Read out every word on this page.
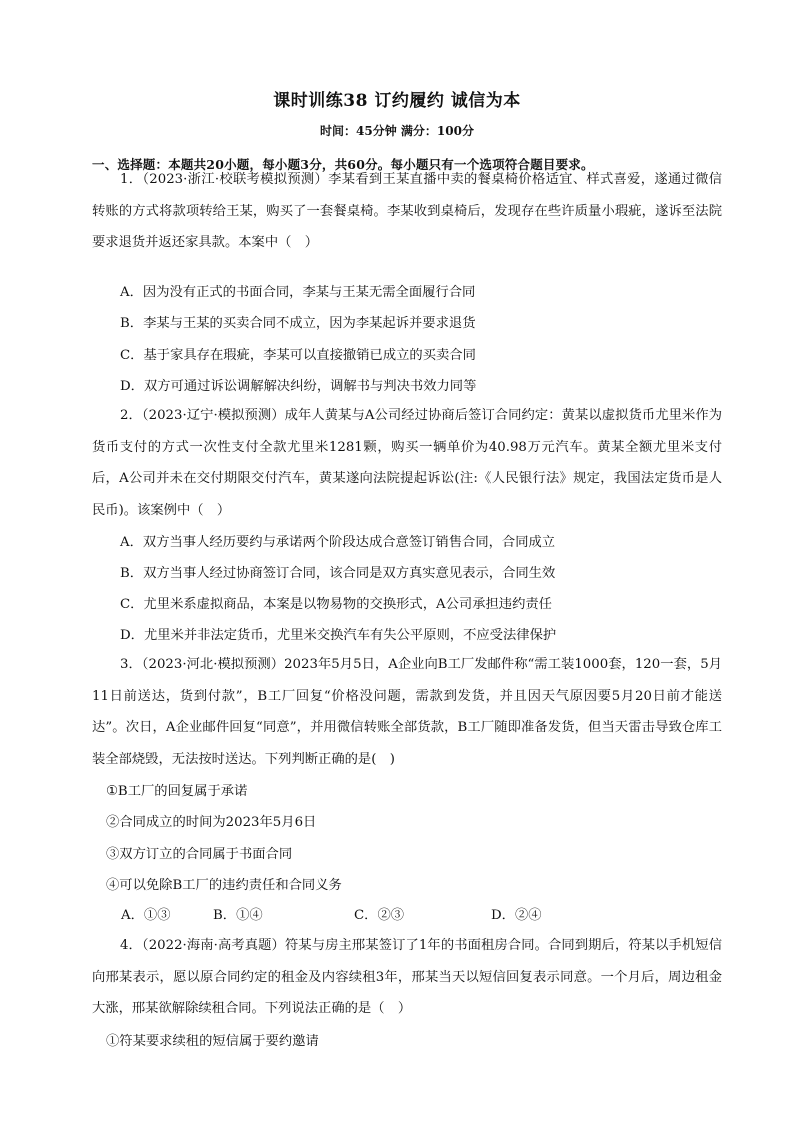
课时训练38 订约履约 诚信为本
时间：45分钟 满分：100分
一、选择题：本题共20小题，每小题3分，共60分。每小题只有一个选项符合题目要求。
1．（2023·浙江·校联考模拟预测）李某看到王某直播中卖的餐桌椅价格适宜、样式喜爱，遂通过微信转账的方式将款项转给王某，购买了一套餐桌椅。李某收到桌椅后，发现存在些许质量小瑕疵，遂诉至法院要求退货并返还家具款。本案中（　）
A．因为没有正式的书面合同，李某与王某无需全面履行合同
B．李某与王某的买卖合同不成立，因为李某起诉并要求退货
C．基于家具存在瑕疵，李某可以直接撤销已成立的买卖合同
D．双方可通过诉讼调解解决纠纷，调解书与判决书效力同等
2．（2023·辽宁·模拟预测）成年人黄某与A公司经过协商后签订合同约定：黄某以虚拟货币尤里米作为货币支付的方式一次性支付全款尤里米1281颗，购买一辆单价为40.98万元汽车。黄某全额尤里米支付后，A公司并未在交付期限交付汽车，黄某遂向法院提起诉讼(注:《人民银行法》规定，我国法定货币是人民币)。该案例中（　）
A．双方当事人经历要约与承诺两个阶段达成合意签订销售合同，合同成立
B．双方当事人经过协商签订合同，该合同是双方真实意见表示，合同生效
C．尤里米系虚拟商品，本案是以物易物的交换形式，A公司承担违约责任
D．尤里米并非法定货币，尤里米交换汽车有失公平原则，不应受法律保护
3．（2023·河北·模拟预测）2023年5月5日，A企业向B工厂发邮件称“需工装1000套，120一套，5月11日前送达，货到付款”，B工厂回复“价格没问题，需款到发货，并且因天气原因要5月20日前才能送达”。次日，A企业邮件回复“同意”，并用微信转账全部货款，B工厂随即准备发货，但当天雷击导致仓库工装全部烧毁，无法按时送达。下列判断正确的是(　)
①B工厂的回复属于承诺
②合同成立的时间为2023年5月6日
③双方订立的合同属于书面合同
④可以免除B工厂的违约责任和合同义务
A．①③	B．①④	C．②③	D．②④
4．（2022·海南·高考真题）符某与房主邢某签订了1年的书面租房合同。合同到期后，符某以手机短信向邢某表示，愿以原合同约定的租金及内容续租3年，邢某当天以短信回复表示同意。一个月后，周边租金大涨，邢某欲解除续租合同。下列说法正确的是（　）
①符某要求续租的短信属于要约邀请
